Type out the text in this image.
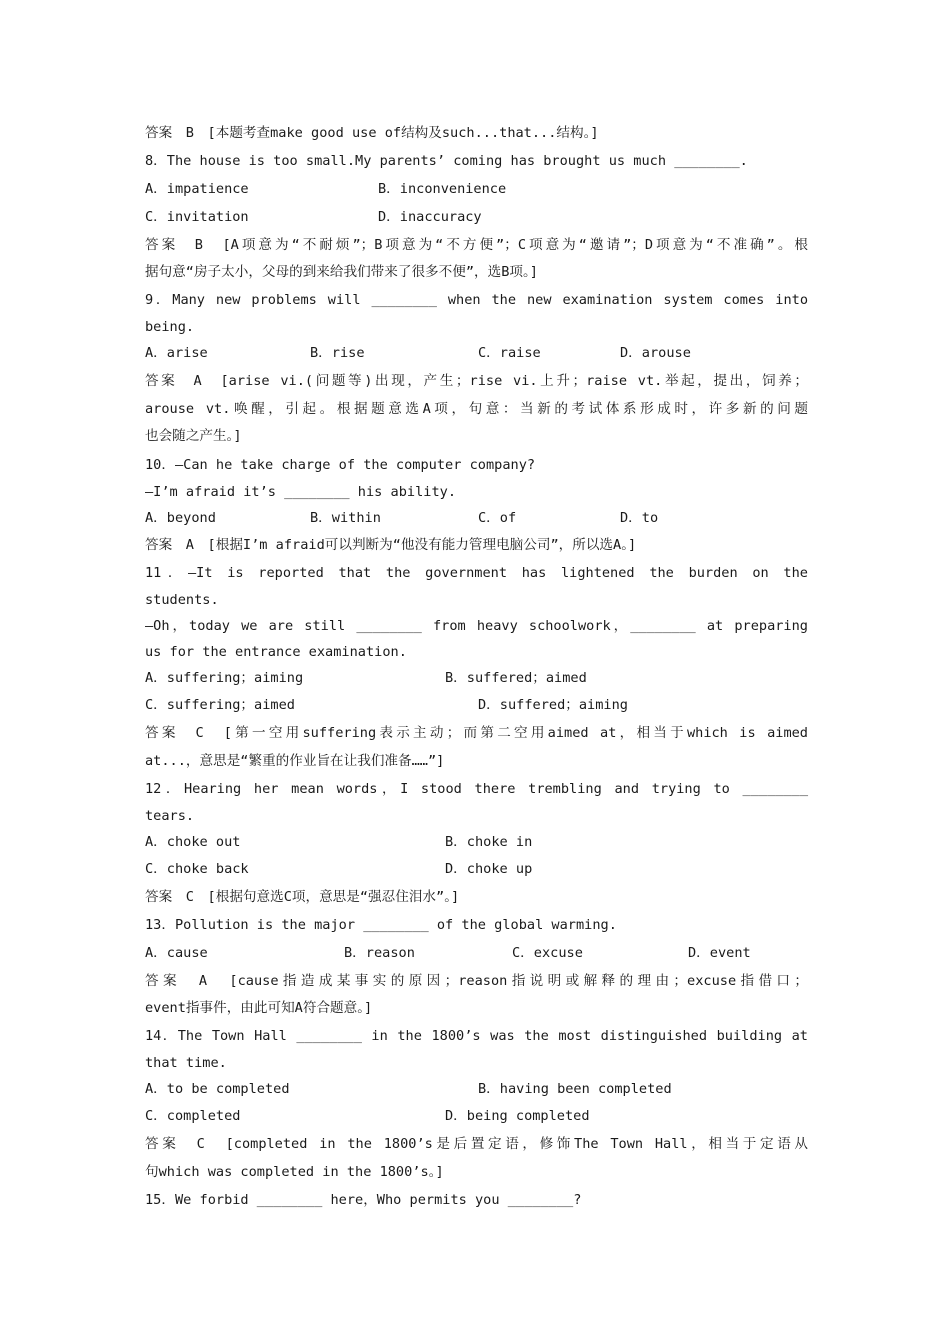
答案　B　[本题考查make good use of结构及such...that...结构。]
8．The house is too small.My parents’ coming has brought us much ________.
A．impatience	B．inconvenience
C．invitation	D．inaccuracy
答案　B　[A项意为“不耐烦”；B项意为“不方便”；C项意为“邀请”；D项意为“不准确”。根
据句意“房子太小，父母的到来给我们带来了很多不便”，选B项。]
9．Many new problems will ________ when the new examination system comes into
being.
A．arise	B．rise	C．raise	D．arouse
答案　A　[arise vi.(问题等)出现，产生；rise vi.上升；raise vt.举起，提出，饲养；
arouse vt.唤醒，引起。根据题意选A项，句意：当新的考试体系形成时，许多新的问题
也会随之产生。]
10．—Can he take charge of the computer company?
—I’m afraid it’s ________ his ability.
A．beyond	B．within	C．of	D．to
答案　A　[根据I’m afraid可以判断为“他没有能力管理电脑公司”，所以选A。]
11．—It is reported that the government has lightened the burden on the
students.
—Oh，today we are still ________ from heavy schoolwork，________ at preparing
us for the entrance examination.
A．suffering；aiming	B．suffered；aimed
C．suffering；aimed	D．suffered；aiming
答案　C　[第一空用suffering表示主动；而第二空用aimed at，相当于which is aimed
at...，意思是“繁重的作业旨在让我们准备……”]
12．Hearing her mean words，I stood there trembling and trying to ________
tears.
A．choke out	B．choke in
C．choke back	D．choke up
答案　C　[根据句意选C项，意思是“强忍住泪水”。]
13．Pollution is the major ________ of the global warming.
A．cause	B．reason	C．excuse	D．event
答案　A　[cause指造成某事实的原因；reason指说明或解释的理由；excuse指借口；
event指事件，由此可知A符合题意。]
14．The Town Hall ________ in the 1800’s was the most distinguished building at
that time.
A．to be completed	B．having been completed
C．completed	D．being completed
答案　C　[completed in the 1800’s是后置定语，修饰The Town Hall，相当于定语从
句which was completed in the 1800’s。]
15．We forbid ________ here，Who permits you ________?
